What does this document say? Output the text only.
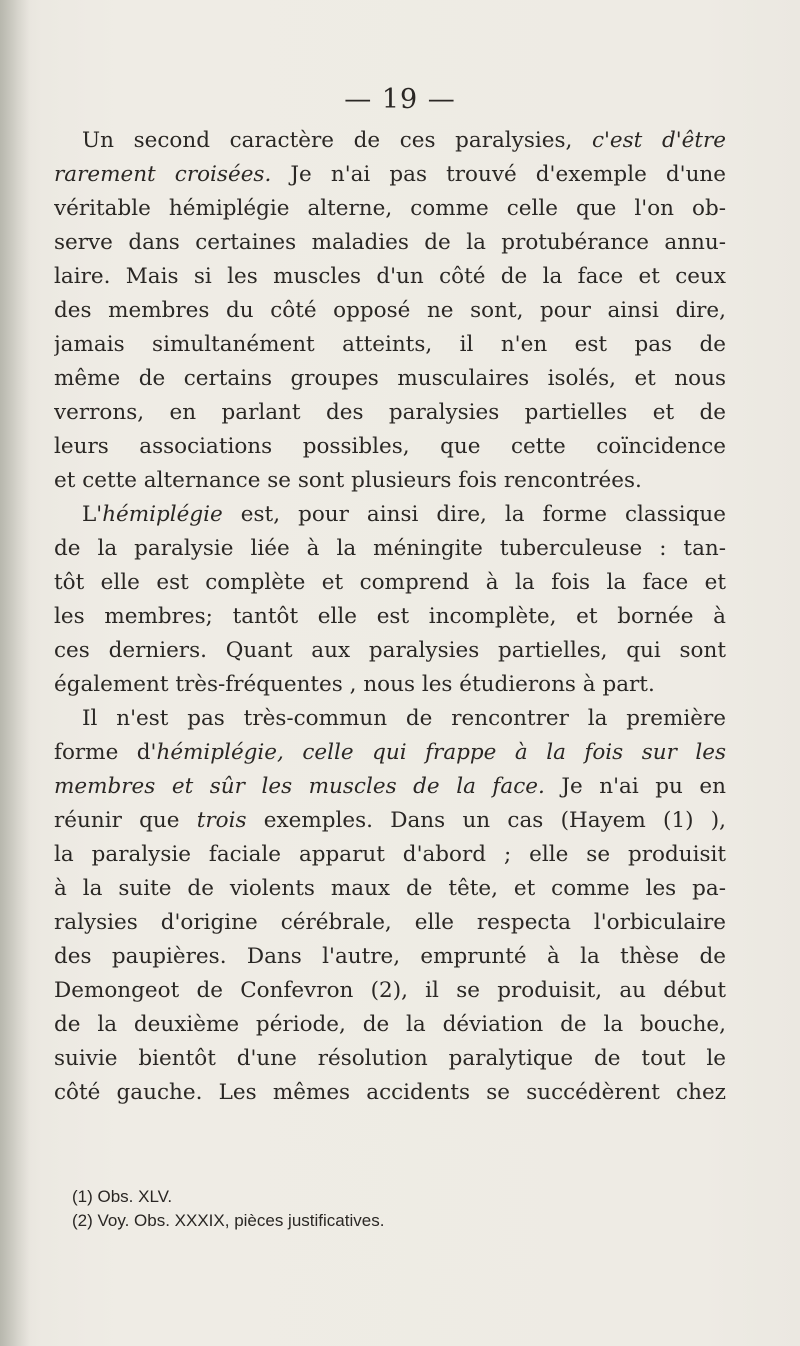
— 19 —
Un second caractère de ces paralysies, c'est d'être
rarement croisées. Je n'ai pas trouvé d'exemple d'une
véritable hémiplégie alterne, comme celle que l'on ob-
serve dans certaines maladies de la protubérance annu-
laire. Mais si les muscles d'un côté de la face et ceux
des membres du côté opposé ne sont, pour ainsi dire,
jamais simultanément atteints, il n'en est pas de
même de certains groupes musculaires isolés, et nous
verrons, en parlant des paralysies partielles et de
leurs associations possibles, que cette coïncidence
et cette alternance se sont plusieurs fois rencontrées.
L'hémiplégie est, pour ainsi dire, la forme classique
de la paralysie liée à la méningite tuberculeuse : tan-
tôt elle est complète et comprend à la fois la face et
les membres; tantôt elle est incomplète, et bornée à
ces derniers. Quant aux paralysies partielles, qui sont
également très-fréquentes , nous les étudierons à part.
Il n'est pas très-commun de rencontrer la première
forme d'hémiplégie, celle qui frappe à la fois sur les
membres et sûr les muscles de la face. Je n'ai pu en
réunir que trois exemples. Dans un cas (Hayem (1) ),
la paralysie faciale apparut d'abord ; elle se produisit
à la suite de violents maux de tête, et comme les pa-
ralysies d'origine cérébrale, elle respecta l'orbiculaire
des paupières. Dans l'autre, emprunté à la thèse de
Demongeot de Confevron (2), il se produisit, au début
de la deuxième période, de la déviation de la bouche,
suivie bientôt d'une résolution paralytique de tout le
côté gauche. Les mêmes accidents se succédèrent chez
(1) Obs. XLV.
(2) Voy. Obs. XXXIX, pièces justificatives.
